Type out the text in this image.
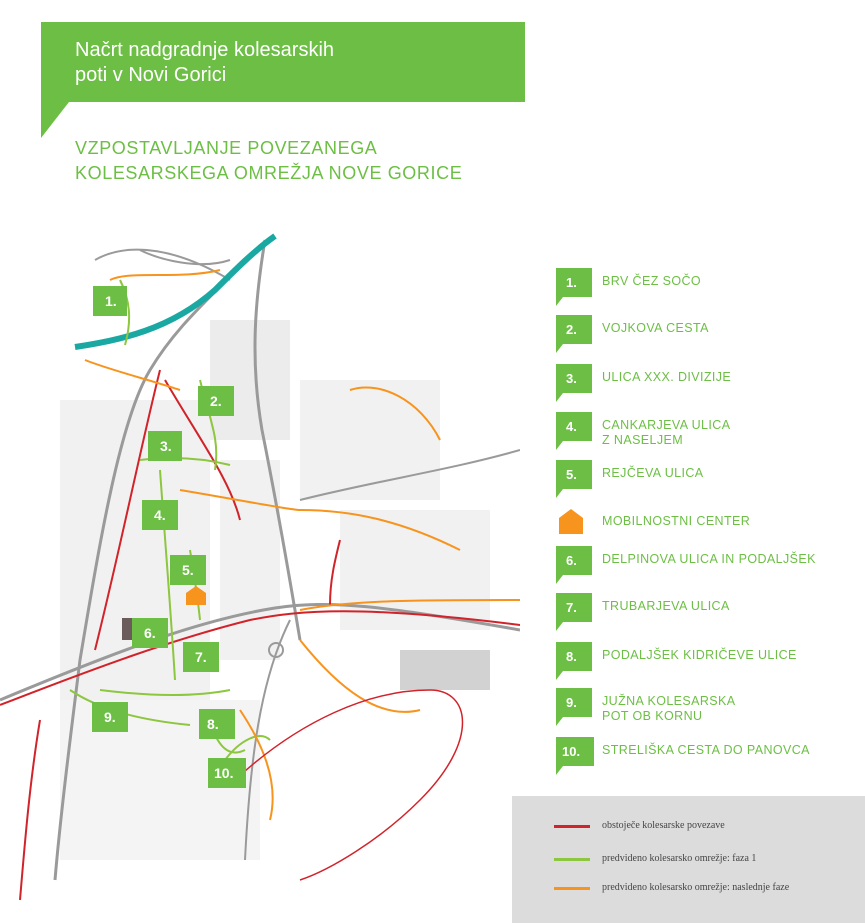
Načrt nadgradnje kolesarskih
poti v Novi Gorici
VZPOSTAVLJANJE POVEZANEGA
KOLESARSKEGA OMREŽJA NOVE GORICE
1.
2.
3.
4.
5.
6.
7.
9.	8.
10.
1.	BRV ČEZ SOČO
2.	VOJKOVA CESTA
3.	ULICA XXX. DIVIZIJE
4.	CANKARJEVA ULICA
Z NASELJEM
5.	REJČEVA ULICA
MOBILNOSTNI CENTER
6.	DELPINOVA ULICA IN PODALJŠEK
7.	TRUBARJEVA ULICA
8.	PODALJŠEK KIDRIČEVE ULICE
9.	JUŽNA KOLESARSKA
POT OB KORNU
10.	STRELIŠKA CESTA DO PANOVCA
obstoječe kolesarske povezave
predvideno kolesarsko omrežje: faza 1
predvideno kolesarsko omrežje: naslednje faze
